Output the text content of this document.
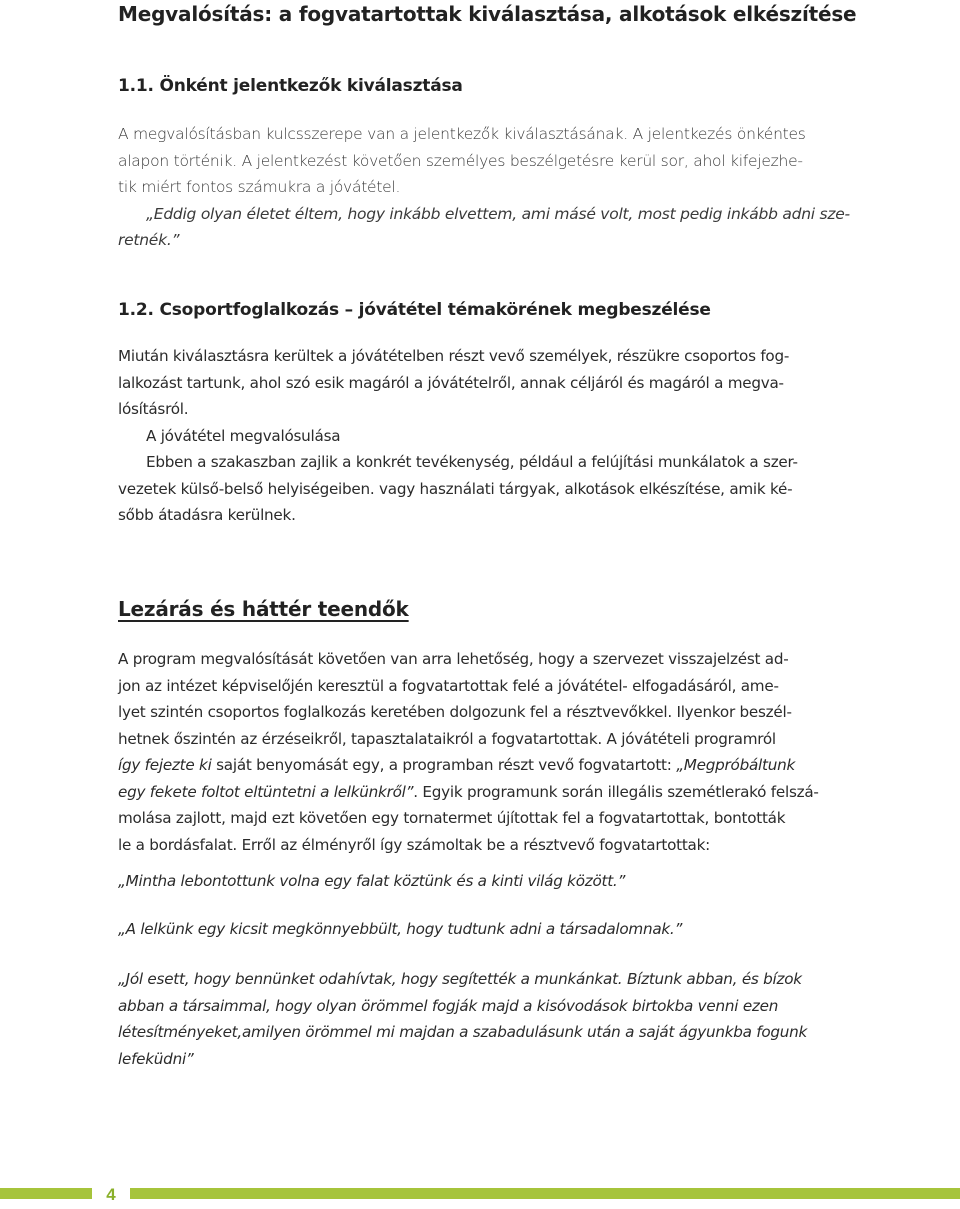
Megvalósítás: a fogvatartottak kiválasztása, alkotások elkészítése
1.1. Önként jelentkezők kiválasztása
A megvalósításban kulcsszerepe van a jelentkezők kiválasztásának. A jelentkezés önkéntes
alapon történik. A jelentkezést követően személyes beszélgetésre kerül sor, ahol kifejezhe-
tik miért fontos számukra a jóvátétel.
„Eddig olyan életet éltem, hogy inkább elvettem, ami másé volt, most pedig inkább adni sze-
retnék.”
1.2. Csoportfoglalkozás – jóvátétel témakörének megbeszélése
Miután kiválasztásra kerültek a jóvátételben részt vevő személyek, részükre csoportos fog-
lalkozást tartunk, ahol szó esik magáról a jóvátételről, annak céljáról és magáról a megva-
lósításról.
A jóvátétel megvalósulása
Ebben a szakaszban zajlik a konkrét tevékenység, például a felújítási munkálatok a szer-
vezetek külső-belső helyiségeiben. vagy használati tárgyak, alkotások elkészítése, amik ké-
sőbb átadásra kerülnek.
Lezárás és háttér teendők
A program megvalósítását követően van arra lehetőség, hogy a szervezet visszajelzést ad-
jon az intézet képviselőjén keresztül a fogvatartottak felé a jóvátétel- elfogadásáról, ame-
lyet szintén csoportos foglalkozás keretében dolgozunk fel a résztvevőkkel. Ilyenkor beszél-
hetnek őszintén az érzéseikről, tapasztalataikról a fogvatartottak. A jóvátételi programról
így fejezte ki saját benyomását egy, a programban részt vevő fogvatartott: „Megpróbáltunk
egy fekete foltot eltüntetni a lelkünkről”. Egyik programunk során illegális szemétlerakó felszá-
molása zajlott, majd ezt követően egy tornatermet újítottak fel a fogvatartottak, bontották
le a bordásfalat. Erről az élményről így számoltak be a résztvevő fogvatartottak:
„Mintha lebontottunk volna egy falat köztünk és a kinti világ között.”
„A lelkünk egy kicsit megkönnyebbült, hogy tudtunk adni a társadalomnak.”
„Jól esett, hogy bennünket odahívtak, hogy segítették a munkánkat. Bíztunk abban, és bízok
abban a társaimmal, hogy olyan örömmel fogják majd a kisóvodások birtokba venni ezen
létesítményeket,amilyen örömmel mi majdan a szabadulásunk után a saját ágyunkba fogunk
lefeküdni”
4
